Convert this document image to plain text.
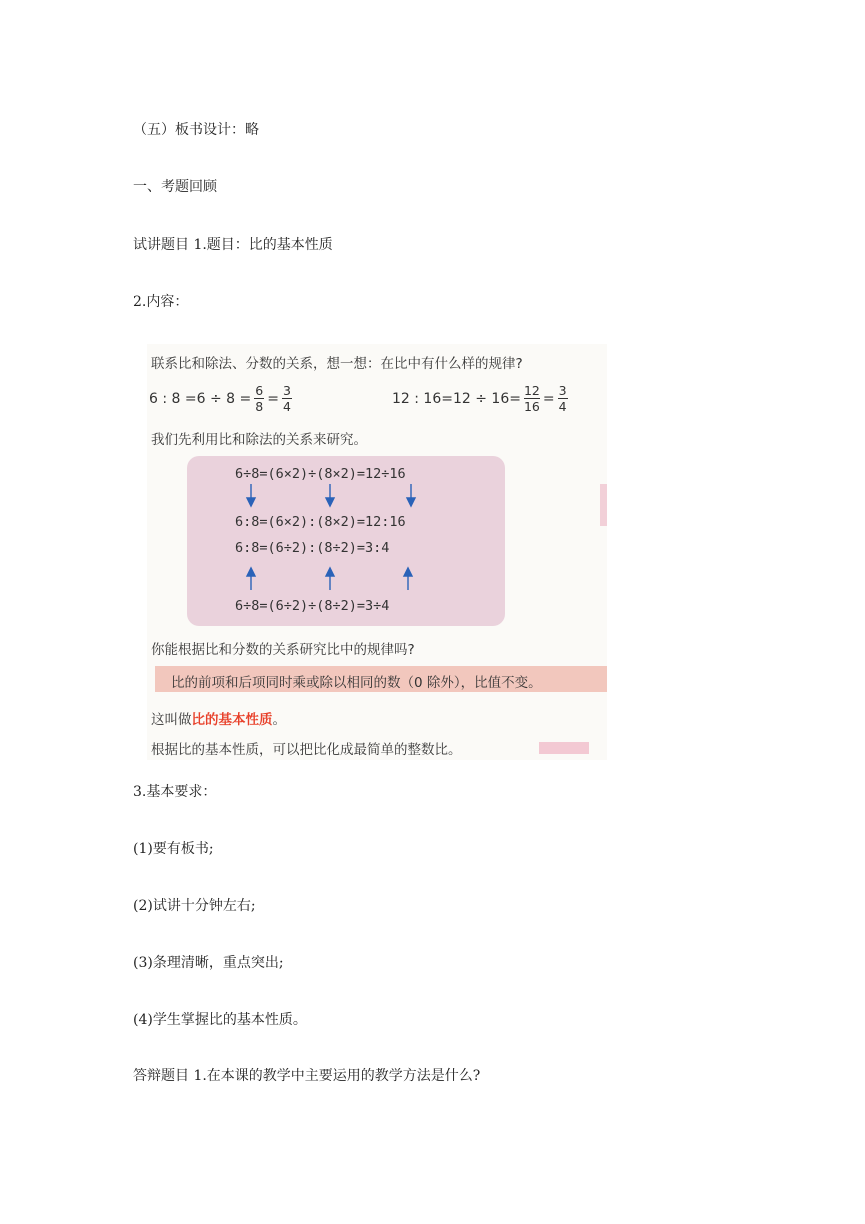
（五）板书设计：略
一、考题回顾
试讲题目 1.题目：比的基本性质
2.内容：
联系比和除法、分数的关系，想一想：在比中有什么样的规律?
6 : $8 =6 \div 8 = \frac{6}{8} = \frac{3}{4}$	12 : $16=12 \div 16= \frac{12}{16} = \frac{3}{4}$
我们先利用比和除法的关系来研究。
6÷8=(6×2)÷(8×2)=12÷16
6:8=(6×2):(8×2)=12:16
6:8=(6÷2):(8÷2)=3:4
6÷8=(6÷2)÷(8÷2)=3÷4
你能根据比和分数的关系研究比中的规律吗?
比的前项和后项同时乘或除以相同的数（0 除外），比值不变。
这叫做比的基本性质。
根据比的基本性质，可以把比化成最简单的整数比。
3.基本要求：
(1)要有板书;
(2)试讲十分钟左右;
(3)条理清晰，重点突出;
(4)学生掌握比的基本性质。
答辩题目 1.在本课的教学中主要运用的教学方法是什么?
